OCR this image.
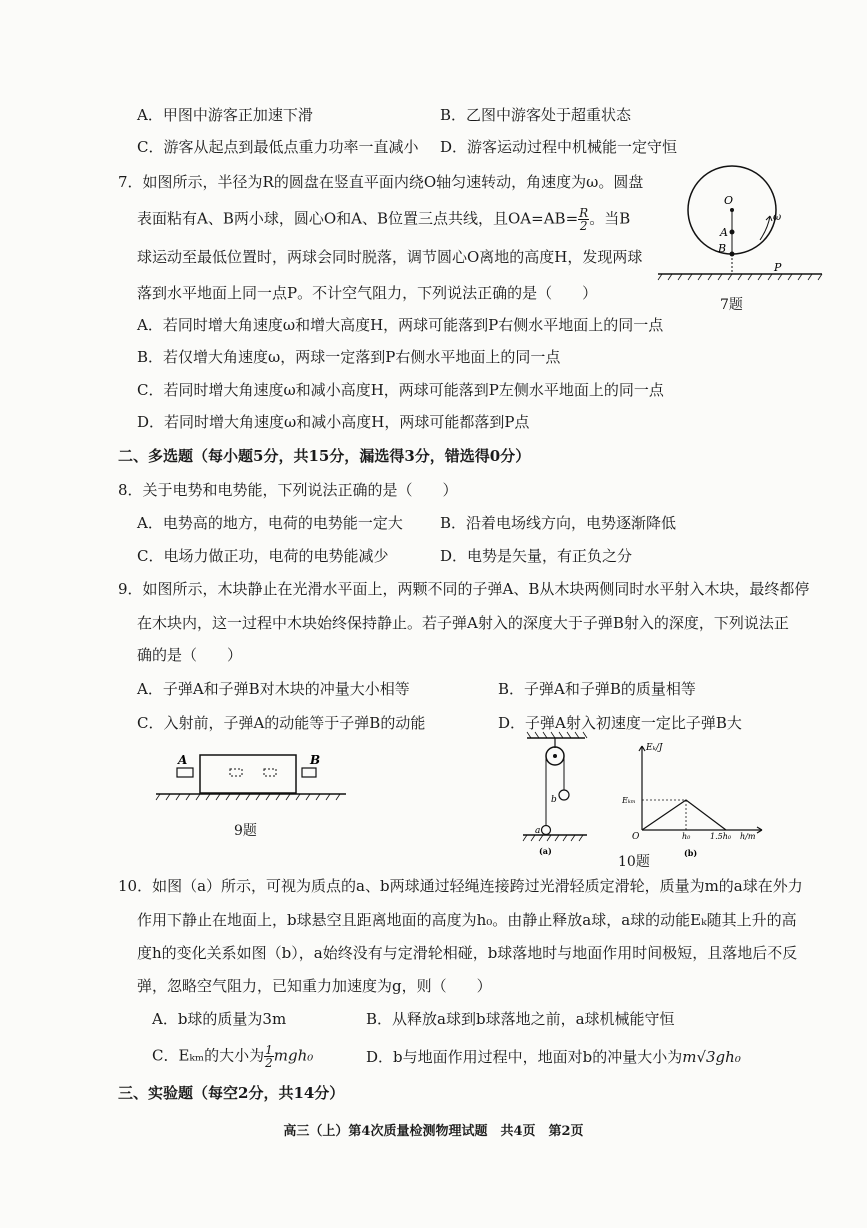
A．甲图中游客正加速下滑	B．乙图中游客处于超重状态
C．游客从起点到最低点重力功率一直减小 D．游客运动过程中机械能一定守恒
7．如图所示，半径为R的圆盘在竖直平面内绕O轴匀速转动，角速度为ω。圆盘
表面粘有A、B两小球，圆心O和A、B位置三点共线，且$OA=AB= \frac{R}{2}$ 。当B
球运动至最低位置时，两球会同时脱落，调节圆心O离地的高度H，发现两球
落到水平地面上同一点P。不计空气阻力，下列说法正确的是（　　）
A．若同时增大角速度ω和增大高度H，两球可能落到P右侧水平地面上的同一点
B．若仅增大角速度ω，两球一定落到P右侧水平地面上的同一点
C．若同时增大角速度ω和减小高度H，两球可能落到P左侧水平地面上的同一点
D．若同时增大角速度ω和减小高度H，两球可能都落到P点
O
A
B
ω
P
7题
二、多选题（每小题5分，共15分，漏选得3分，错选得0分）
8．关于电势和电势能，下列说法正确的是（　　）
A．电势高的地方，电荷的电势能一定大 B．沿着电场线方向，电势逐渐降低
C．电场力做正功，电荷的电势能减少	D．电势是矢量，有正负之分
9．如图所示，木块静止在光滑水平面上，两颗不同的子弹A、B从木块两侧同时水平射入木块，最终都停
在木块内，这一过程中木块始终保持静止。若子弹A射入的深度大于子弹B射入的深度，下列说法正
确的是（　　）
A．子弹A和子弹B对木块的冲量大小相等	B．子弹A和子弹B的质量相等
C．入射前，子弹A的动能等于子弹B的动能	D．子弹A射入初速度一定比子弹B大
A	B
9题
b
a
(a)
Eₖ/J
Eₖₘ
O	h₀ 1.5h₀ h/m
(b)
10题
10．如图（a）所示，可视为质点的a、b两球通过轻绳连接跨过光滑轻质定滑轮，质量为m的a球在外力
作用下静止在地面上，b球悬空且距离地面的高度为h₀。由静止释放a球，a球的动能Eₖ随其上升的高
度h的变化关系如图（b），a始终没有与定滑轮相碰，b球落地时与地面作用时间极短，且落地后不反
弹，忽略空气阻力，已知重力加速度为g，则（　　）
A．b球的质量为3m	B．从释放a球到b球落地之前，a球机械能守恒
C．Eₖₘ的大小为 $\frac{1}{2} mgh_0$	D．b与地面作用过程中，地面对b的冲量大小为m√3gh₀
三、实验题（每空2分，共14分）
高三（上）第4次质量检测物理试题　共4页　第2页
